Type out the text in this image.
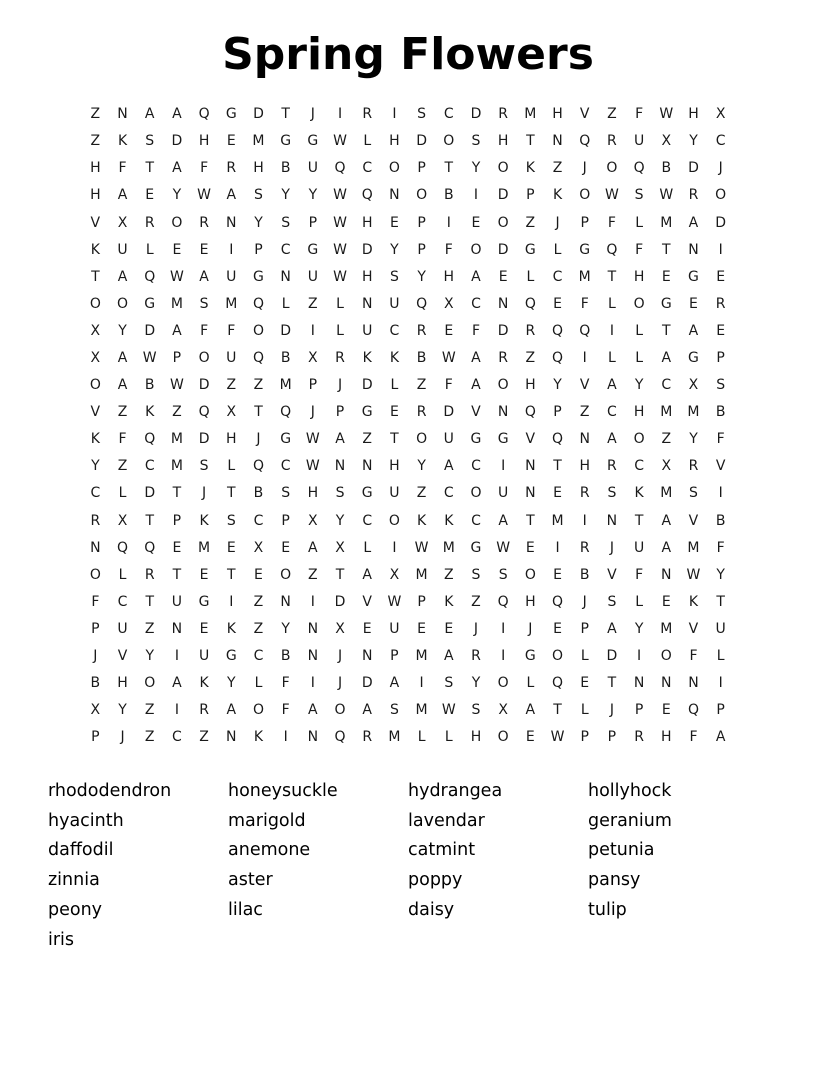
Spring Flowers
Z	N	A	A	Q	G	D	T	J	I	R	I	S	C	D	R	M	H	V	Z	F	W	H	X
Z	K	S	D	H	E	M	G	G	W	L	H	D	O	S	H	T	N	Q	R	U	X	Y	C
H	F	T	A	F	R	H	B	U	Q	C	O	P	T	Y	O	K	Z	J	O	Q	B	D	J
H	A	E	Y	W	A	S	Y	Y	W	Q	N	O	B	I	D	P	K	O	W	S	W	R	O
V	X	R	O	R	N	Y	S	P	W	H	E	P	I	E	O	Z	J	P	F	L	M	A	D
K	U	L	E	E	I	P	C	G	W	D	Y	P	F	O	D	G	L	G	Q	F	T	N	I
T	A	Q	W	A	U	G	N	U	W	H	S	Y	H	A	E	L	C	M	T	H	E	G	E
O	O	G	M	S	M	Q	L	Z	L	N	U	Q	X	C	N	Q	E	F	L	O	G	E	R
X	Y	D	A	F	F	O	D	I	L	U	C	R	E	F	D	R	Q	Q	I	L	T	A	E
X	A	W	P	O	U	Q	B	X	R	K	K	B	W	A	R	Z	Q	I	L	L	A	G	P
O	A	B	W	D	Z	Z	M	P	J	D	L	Z	F	A	O	H	Y	V	A	Y	C	X	S
V	Z	K	Z	Q	X	T	Q	J	P	G	E	R	D	V	N	Q	P	Z	C	H	M	M	B
K	F	Q	M	D	H	J	G	W	A	Z	T	O	U	G	G	V	Q	N	A	O	Z	Y	F
Y	Z	C	M	S	L	Q	C	W	N	N	H	Y	A	C	I	N	T	H	R	C	X	R	V
C	L	D	T	J	T	B	S	H	S	G	U	Z	C	O	U	N	E	R	S	K	M	S	I
R	X	T	P	K	S	C	P	X	Y	C	O	K	K	C	A	T	M	I	N	T	A	V	B
N	Q	Q	E	M	E	X	E	A	X	L	I	W	M	G	W	E	I	R	J	U	A	M	F
O	L	R	T	E	T	E	O	Z	T	A	X	M	Z	S	S	O	E	B	V	F	N	W	Y
F	C	T	U	G	I	Z	N	I	D	V	W	P	K	Z	Q	H	Q	J	S	L	E	K	T
P	U	Z	N	E	K	Z	Y	N	X	E	U	E	E	J	I	J	E	P	A	Y	M	V	U
J	V	Y	I	U	G	C	B	N	J	N	P	M	A	R	I	G	O	L	D	I	O	F	L
B	H	O	A	K	Y	L	F	I	J	D	A	I	S	Y	O	L	Q	E	T	N	N	N	I
X	Y	Z	I	R	A	O	F	A	O	A	S	M	W	S	X	A	T	L	J	P	E	Q	P
P	J	Z	C	Z	N	K	I	N	Q	R	M	L	L	H	O	E	W	P	P	R	H	F	A
rhododendron
hyacinth
daffodil
zinnia
peony
iris
honeysuckle
marigold
anemone
aster
lilac
hydrangea
lavendar
catmint
poppy
daisy
hollyhock
geranium
petunia
pansy
tulip
